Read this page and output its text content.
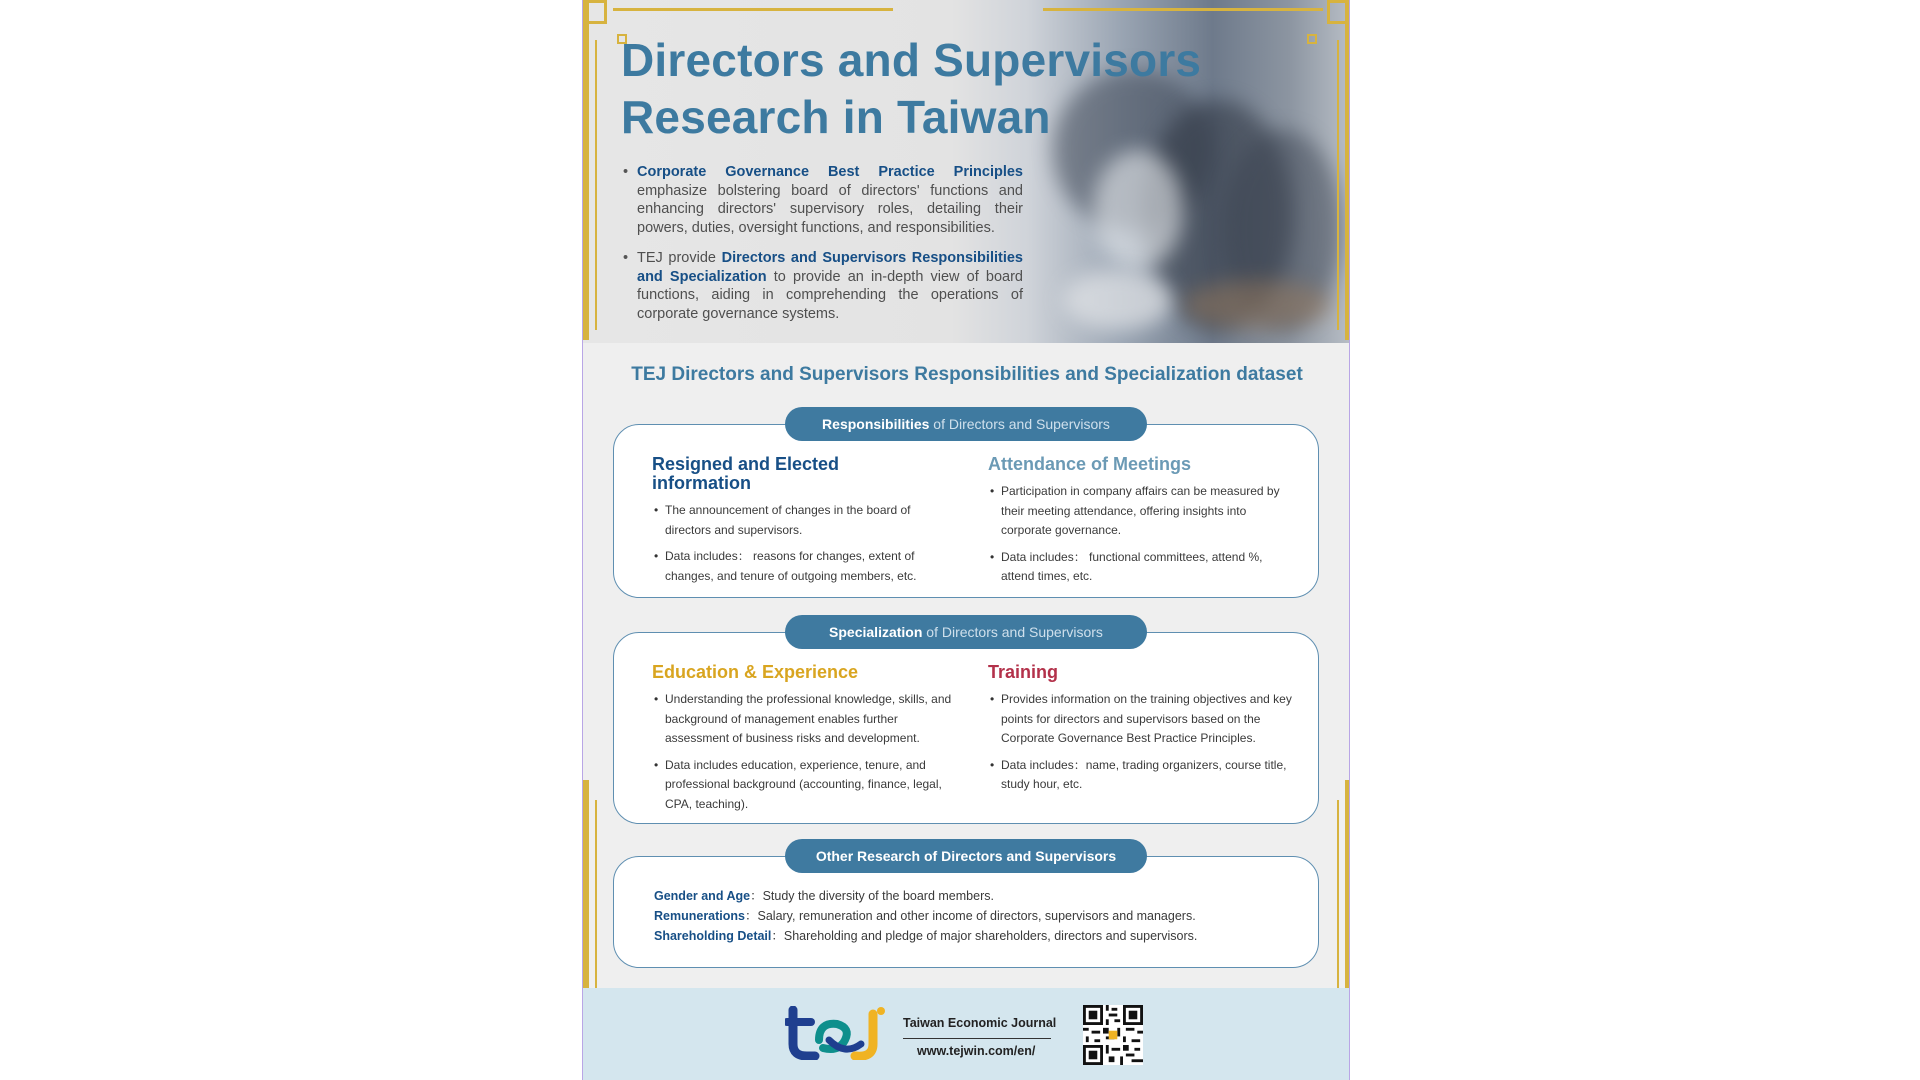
Directors and Supervisors
Research in Taiwan
• Corporate Governance Best Practice Principles emphasize bolstering board of directors' functions and enhancing directors' supervisory roles, detailing their powers, duties, oversight functions, and responsibilities.
• TEJ provide Directors and Supervisors Responsibilities and Specialization to provide an in-depth view of board functions, aiding in comprehending the operations of corporate governance systems.
TEJ Directors and Supervisors Responsibilities and Specialization dataset
Resigned and Elected information
• The announcement of changes in the board of directors and supervisors.
• Data includes： reasons for changes, extent of changes, and tenure of outgoing members, etc.
Attendance of Meetings
• Participation in company affairs can be measured by their meeting attendance, offering insights into corporate governance.
• Data includes： functional committees, attend %, attend times, etc.
Responsibilities of Directors and Supervisors
Education & Experience
• Understanding the professional knowledge, skills, and background of management enables further assessment of business risks and development.
• Data includes education, experience, tenure, and professional background (accounting, finance, legal, CPA, teaching).
Training
• Provides information on the training objectives and key points for directors and supervisors based on the Corporate Governance Best Practice Principles.
• Data includes：name, trading organizers, course title, study hour, etc.
Specialization of Directors and Supervisors
Gender and Age：Study the diversity of the board members.
Remunerations：Salary, remuneration and other income of directors, supervisors and managers.
Shareholding Detail：Shareholding and pledge of major shareholders, directors and supervisors.
Other Research of Directors and Supervisors
Taiwan Economic Journal
www.tejwin.com/en/
